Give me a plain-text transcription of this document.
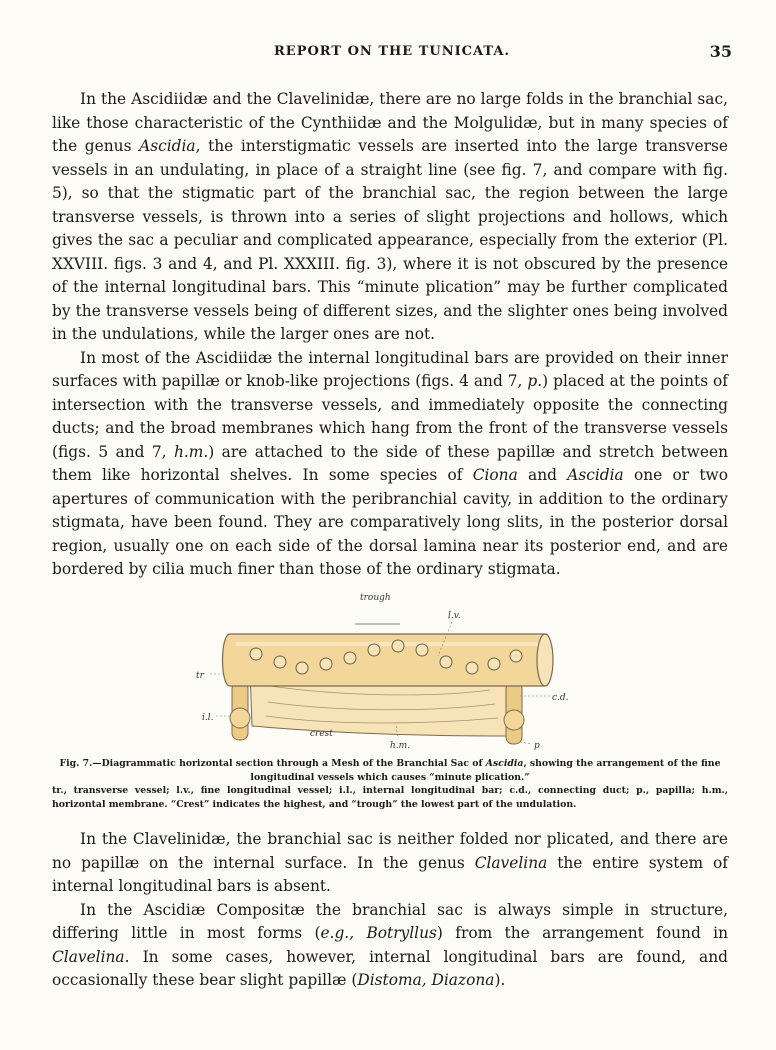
REPORT ON THE TUNICATA.	35

In the Ascidiidæ and the Clavelinidæ, there are no large folds in the branchial sac, like those characteristic of the Cynthiidæ and the Molgulidæ, but in many species of the genus Ascidia, the interstigmatic vessels are inserted into the large transverse vessels in an undulating, in place of a straight line (see fig. 7, and compare with fig. 5), so that the stigmatic part of the branchial sac, the region between the large transverse vessels, is thrown into a series of slight projections and hollows, which gives the sac a peculiar and complicated appearance, especially from the exterior (Pl. XXVIII. figs. 3 and 4, and Pl. XXXIII. fig. 3), where it is not obscured by the presence of the internal longitudinal bars. This “minute plication” may be further complicated by the transverse vessels being of different sizes, and the slighter ones being involved in the undulations, while the larger ones are not.

In most of the Ascidiidæ the internal longitudinal bars are provided on their inner surfaces with papillæ or knob-like projections (figs. 4 and 7, p.) placed at the points of intersection with the transverse vessels, and immediately opposite the connecting ducts; and the broad membranes which hang from the front of the transverse vessels (figs. 5 and 7, h.m.) are attached to the side of these papillæ and stretch between them like horizontal shelves. In some species of Ciona and Ascidia one or two apertures of communication with the peribranchial cavity, in addition to the ordinary stigmata, have been found. They are comparatively long slits, in the posterior dorsal region, usually one on each side of the dorsal lamina near its posterior end, and are bordered by cilia much finer than those of the ordinary stigmata.

trough
l.v.
tr
c.d.
i.l.
crest
h.m.	p
Fig. 7.—Diagrammatic horizontal section through a Mesh of the Branchial Sac of Ascidia, showing the arrangement of the fine longitudinal vessels which causes “minute plication.”
tr., transverse vessel; l.v., fine longitudinal vessel; i.l., internal longitudinal bar; c.d., connecting duct; p., papilla; h.m., horizontal membrane. “Crest” indicates the highest, and “trough” the lowest part of the undulation.

In the Clavelinidæ, the branchial sac is neither folded nor plicated, and there are no papillæ on the internal surface. In the genus Clavelina the entire system of internal longitudinal bars is absent.

In the Ascidiæ Compositæ the branchial sac is always simple in structure, differing little in most forms (e.g., Botryllus) from the arrangement found in Clavelina. In some cases, however, internal longitudinal bars are found, and occasionally these bear slight papillæ (Distoma, Diazona).
